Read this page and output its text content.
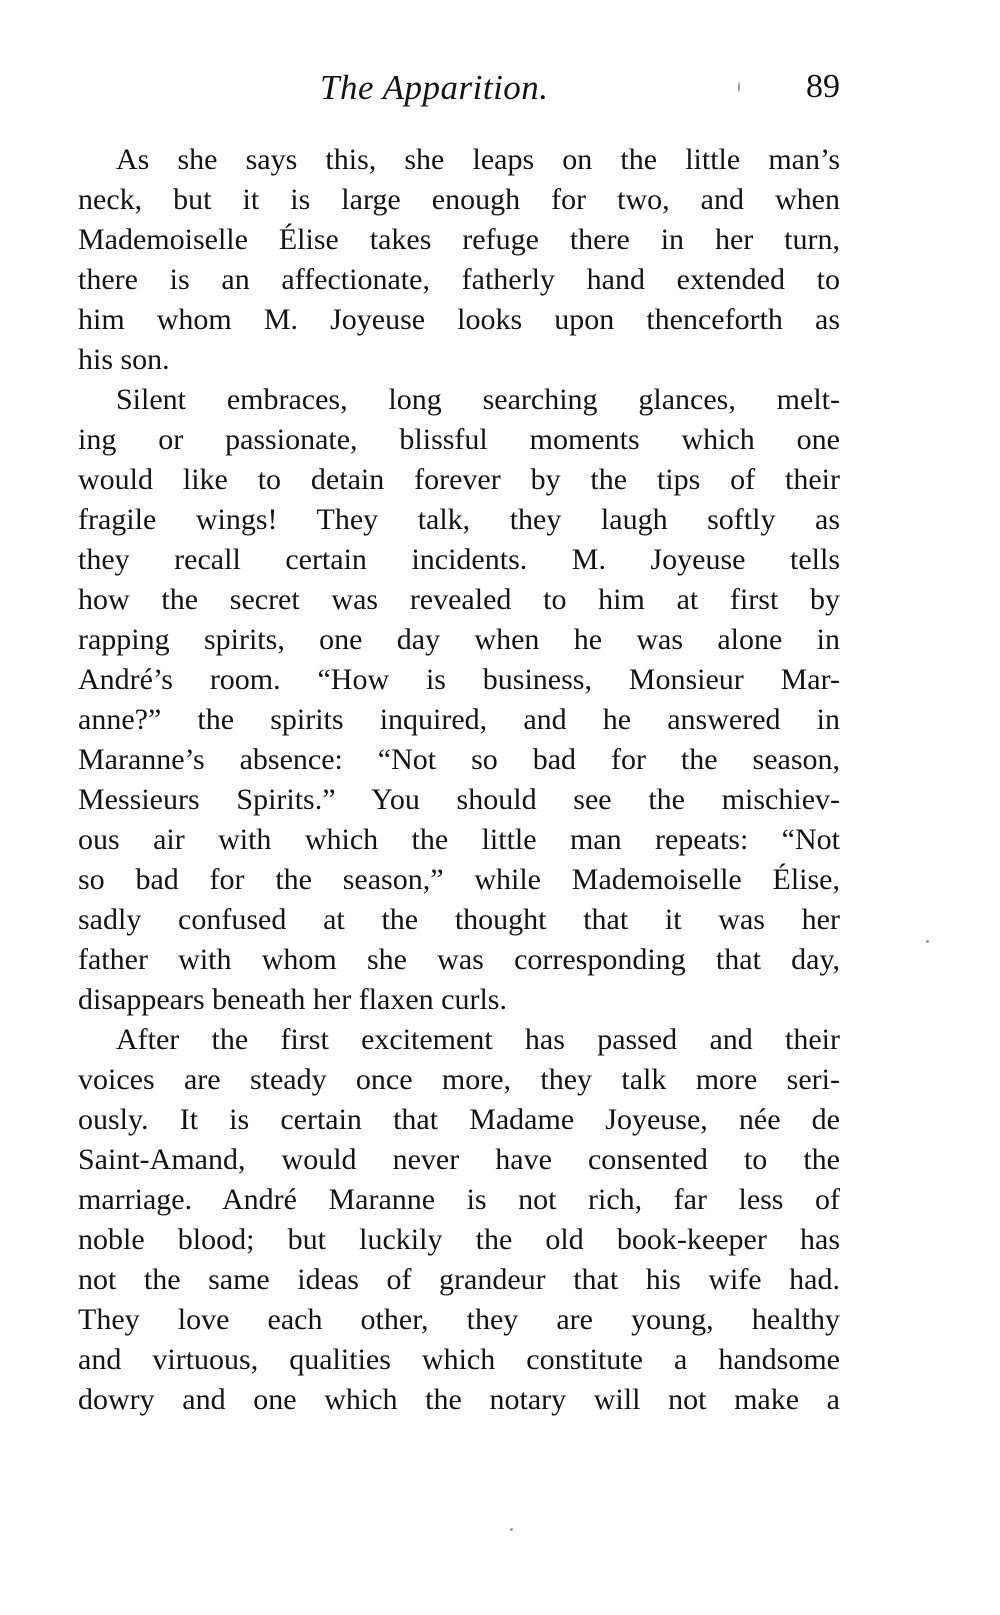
The Apparition.	89
As she says this, she leaps on the little man’s
neck, but it is large enough for two, and when
Mademoiselle Élise takes refuge there in her turn,
there is an affectionate, fatherly hand extended to
him whom M. Joyeuse looks upon thenceforth as
his son.
Silent embraces, long searching glances, melt-
ing or passionate, blissful moments which one
would like to detain forever by the tips of their
fragile wings! They talk, they laugh softly as
they recall certain incidents. M. Joyeuse tells
how the secret was revealed to him at first by
rapping spirits, one day when he was alone in
André’s room. “How is business, Monsieur Mar-
anne?” the spirits inquired, and he answered in
Maranne’s absence: “Not so bad for the season,
Messieurs Spirits.” You should see the mischiev-
ous air with which the little man repeats: “Not
so bad for the season,” while Mademoiselle Élise,
sadly confused at the thought that it was her
father with whom she was corresponding that day,
disappears beneath her flaxen curls.
After the first excitement has passed and their
voices are steady once more, they talk more seri-
ously. It is certain that Madame Joyeuse, née de
Saint-Amand, would never have consented to the
marriage. André Maranne is not rich, far less of
noble blood; but luckily the old book-keeper has
not the same ideas of grandeur that his wife had.
They love each other, they are young, healthy
and virtuous, qualities which constitute a handsome
dowry and one which the notary will not make a
